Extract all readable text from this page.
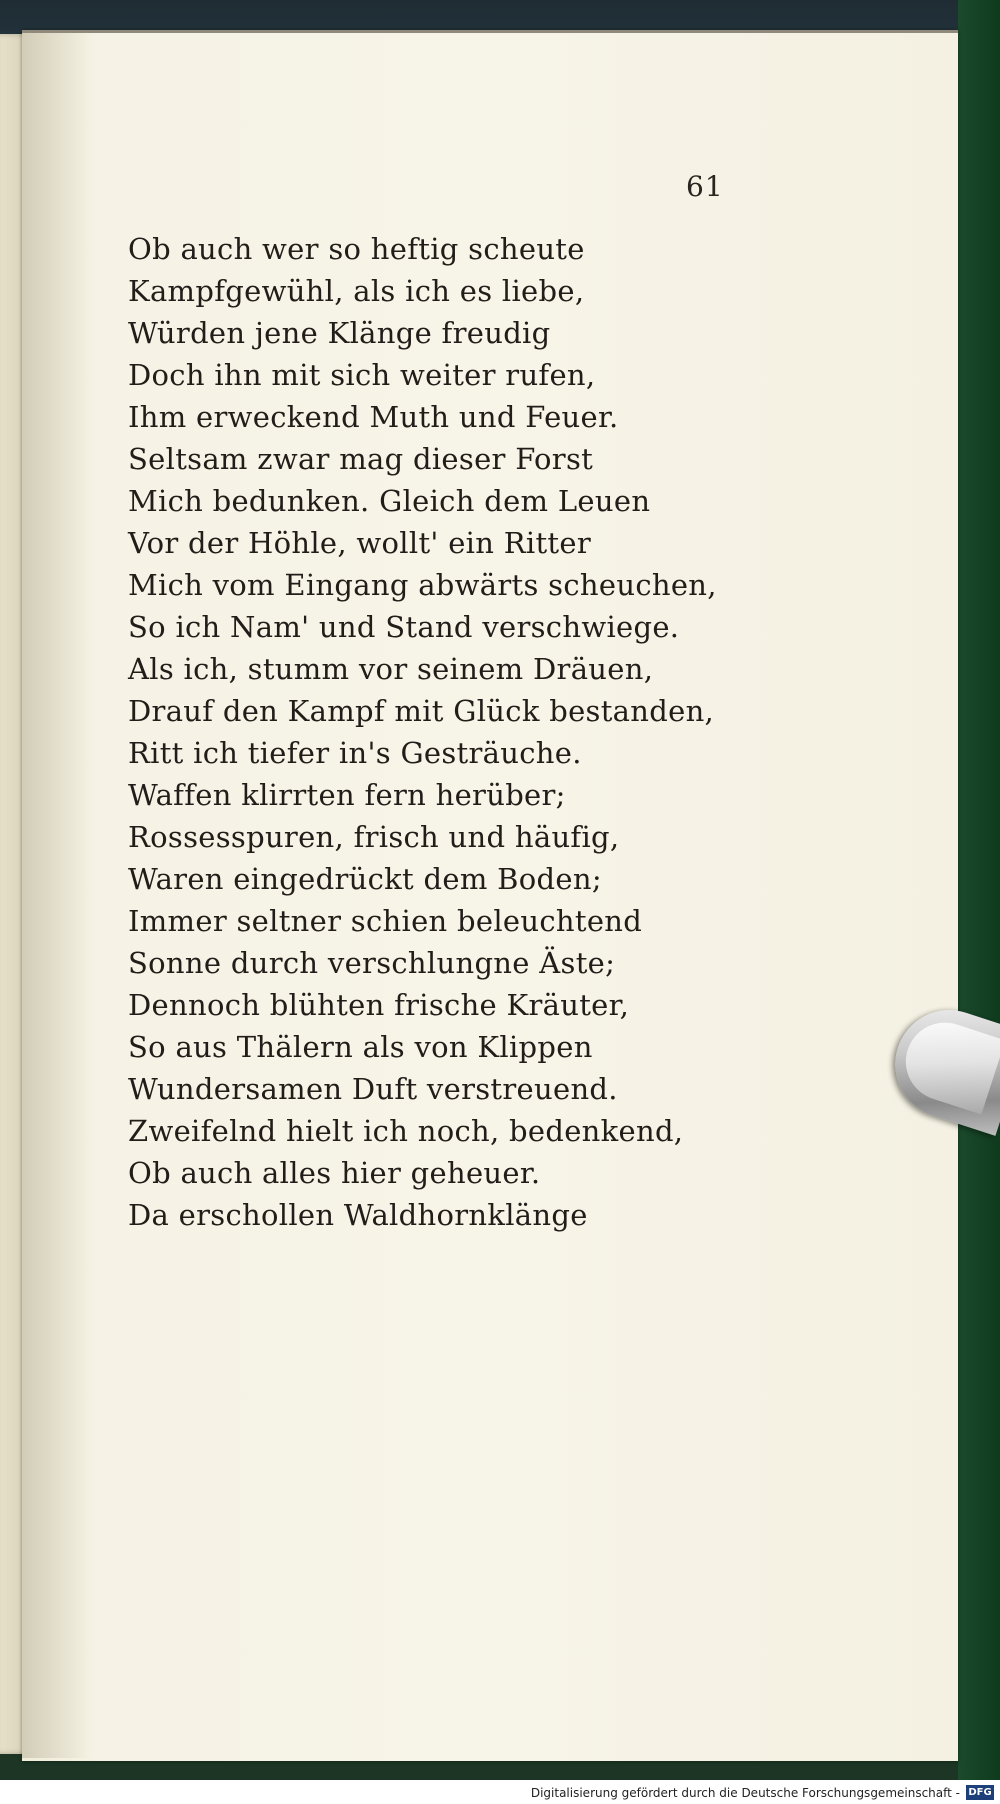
61
Ob auch wer so heftig scheute
Kampfgewühl, als ich es liebe,
Würden jene Klänge freudig
Doch ihn mit sich weiter rufen,
Ihm erweckend Muth und Feuer.
Seltsam zwar mag dieser Forst
Mich bedunken. Gleich dem Leuen
Vor der Höhle, wollt' ein Ritter
Mich vom Eingang abwärts scheuchen,
So ich Nam' und Stand verschwiege.
Als ich, stumm vor seinem Dräuen,
Drauf den Kampf mit Glück bestanden,
Ritt ich tiefer in's Gesträuche.
Waffen klirrten fern herüber;
Rossesspuren, frisch und häufig,
Waren eingedrückt dem Boden;
Immer seltner schien beleuchtend
Sonne durch verschlungne Äste;
Dennoch blühten frische Kräuter,
So aus Thälern als von Klippen
Wundersamen Duft verstreuend.
Zweifelnd hielt ich noch, bedenkend,
Ob auch alles hier geheuer.
Da erschollen Waldhornklänge
Digitalisierung gefördert durch die Deutsche Forschungsgemeinschaft - DFG
